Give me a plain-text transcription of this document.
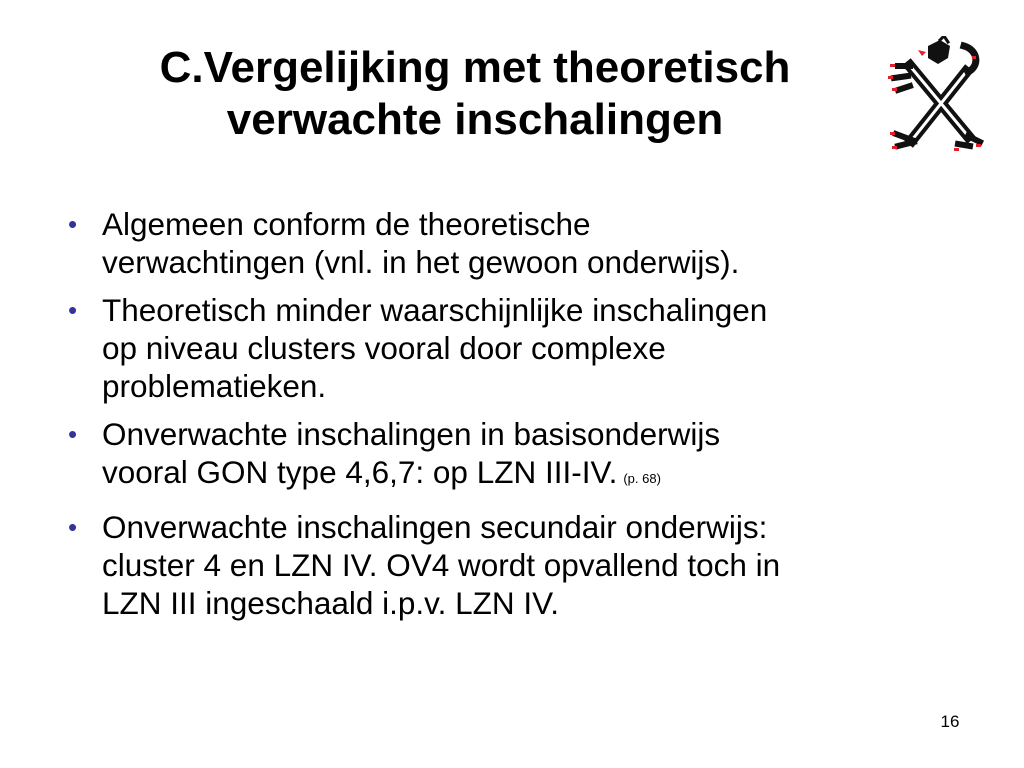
C.Vergelijking met theoretisch
verwachte inschalingen
• Algemeen conform de theoretische
verwachtingen (vnl. in het gewoon onderwijs).
• Theoretisch minder waarschijnlijke inschalingen
op niveau clusters vooral door complexe
problematieken.
• Onverwachte inschalingen in basisonderwijs
vooral GON type 4,6,7: op LZN III-IV. (p. 68)
• Onverwachte inschalingen secundair onderwijs:
cluster 4 en LZN IV. OV4 wordt opvallend toch in
LZN III ingeschaald i.p.v. LZN IV.
16
